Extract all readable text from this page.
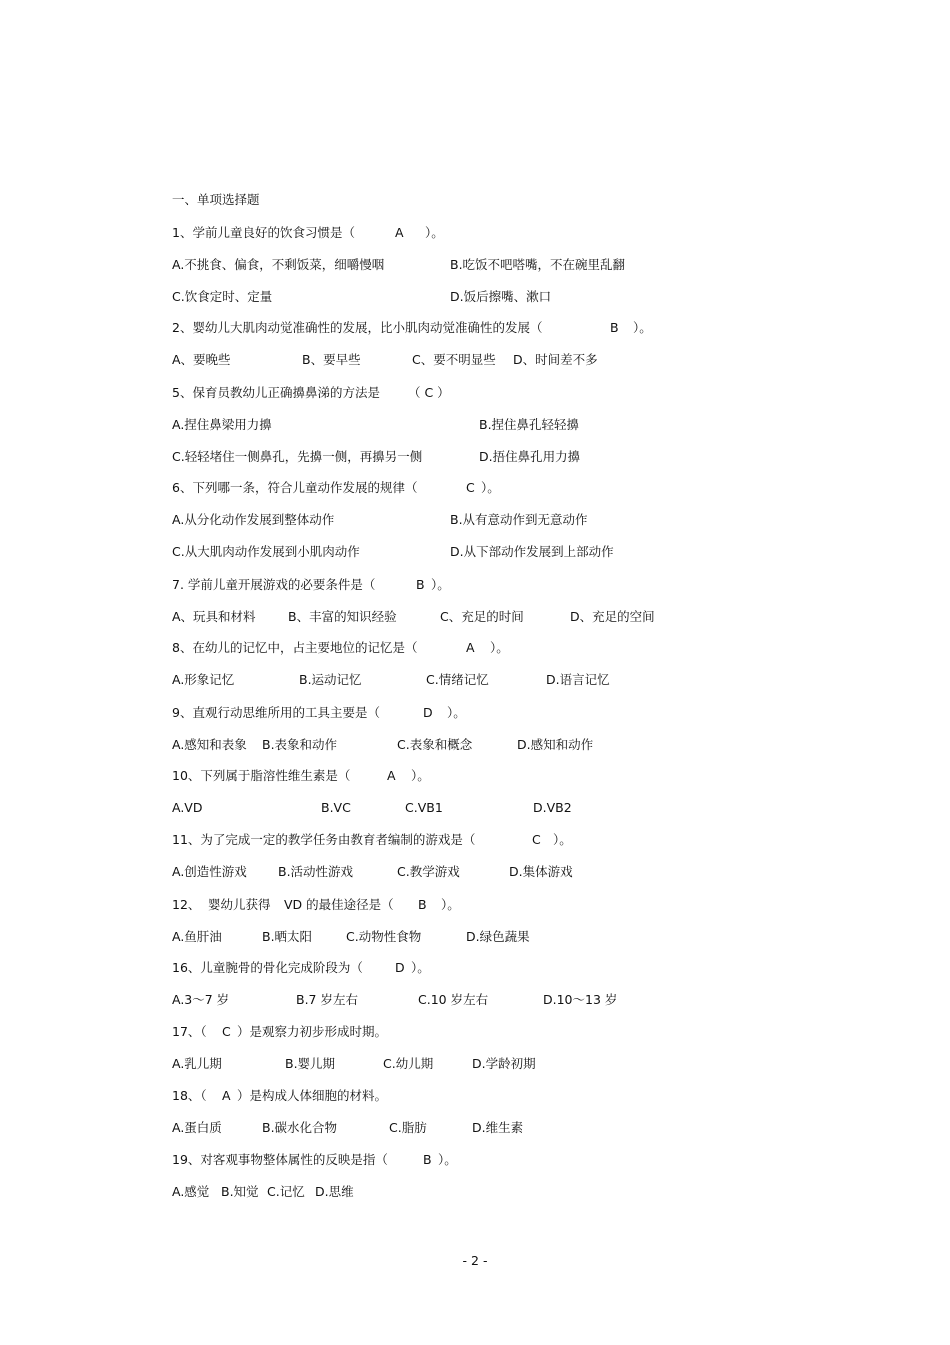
一、单项选择题
1、学前儿童良好的饮食习惯是（	A ）。
A.不挑食、偏食，不剩饭菜，细嚼慢咽	B.吃饭不吧嗒嘴，不在碗里乱翻
C.饮食定时、定量	D.饭后擦嘴、漱口
2、婴幼儿大肌肉动觉准确性的发展，比小肌肉动觉准确性的发展（	B ）。
A、要晚些	B、要早些	C、要不明显些 D、时间差不多
5、保育员教幼儿正确擤鼻涕的方法是 （ C ）
A.捏住鼻梁用力擤	B.捏住鼻孔轻轻擤
C.轻轻堵住一侧鼻孔，先擤一侧，再擤另一侧	D.捂住鼻孔用力擤
6、下列哪一条，符合儿童动作发展的规律（	C ）。
A.从分化动作发展到整体动作	B.从有意动作到无意动作
C.从大肌肉动作发展到小肌肉动作	D.从下部动作发展到上部动作
7. 学前儿童开展游戏的必要条件是（	B ）。
A、玩具和材料	B、丰富的知识经验	C、充足的时间	D、充足的空间
8、在幼儿的记忆中，占主要地位的记忆是（	A ）。
A.形象记忆	B.运动记忆	C.情绪记忆	D.语言记忆
9、直观行动思维所用的工具主要是（	D ）。
A.感知和表象 B.表象和动作	C.表象和概念	D.感知和动作
10、下列属于脂溶性维生素是（	A ）。
A.VD	B.VC	C.VB1	D.VB2
11、为了完成一定的教学任务由教育者编制的游戏是（	C ）。
A.创造性游戏 B.活动性游戏	C.教学游戏	D.集体游戏
12、 婴幼儿获得 VD 的最佳途径是（ B ）。
A.鱼肝油	B.晒太阳	C.动物性食物	D.绿色蔬果
16、儿童腕骨的骨化完成阶段为（	D ）。
A.3～7 岁	B.7 岁左右	C.10 岁左右	D.10～13 岁
17、（ C ）是观察力初步形成时期。
A.乳儿期	B.婴儿期	C.幼儿期	D.学龄初期
18、（ A ）是构成人体细胞的材料。
A.蛋白质	B.碳水化合物	C.脂肪	D.维生素
19、对客观事物整体属性的反映是指（	B ）。
A.感觉 B.知觉 C.记忆 D.思维
- 2 -
